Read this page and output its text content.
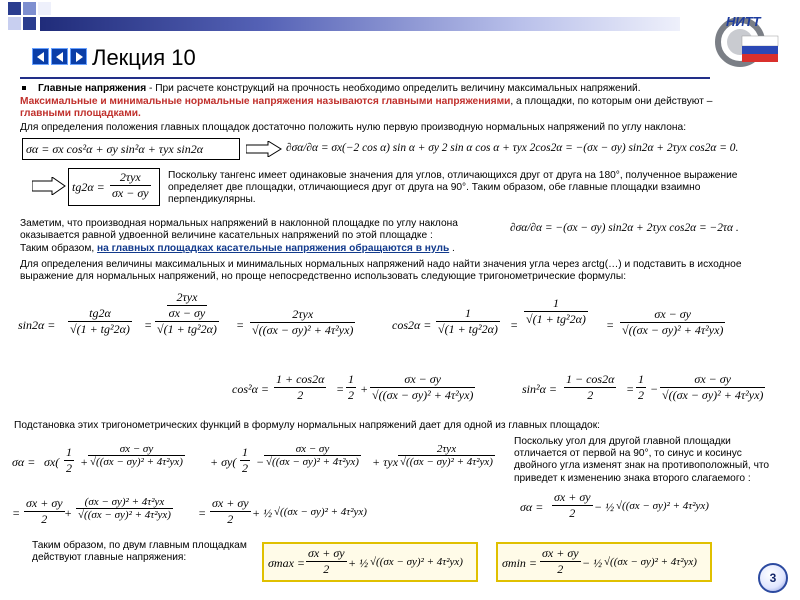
НИТТ
Лекция 10
Главные напряжения - При расчете конструкций на прочность необходимо определить величину максимальных напряжений.
Максимальные и минимальные нормальные напряжения называются главными напряжениями, а площадки, по которым они действуют –
главными площадками.
Для определения положения главных площадок достаточно положить нулю первую производную нормальных напряжений по углу наклона:
σα = σx cos²α + σy sin²α + τyx sin2α	∂σα/∂α = σx(−2 cos α) sin α + σy 2 sin α cos α + τyx 2cos2α = −(σx − σy) sin2α + 2τyx cos2α = 0.
$tg2\alpha = \frac{\text{2τyx}}{\sigma x - \sigma y}$ Поскольку тангенс имеет одинаковые значения для углов, отличающихся друг от друга на 180°, полученное выражение определяет две площадки, отличающиеся друг от друга на 90°. Таким образом, обе главные площадки взаимно перпендикулярны.
Заметим, что производная нормальных напряжений в наклонной площадке по углу наклона оказывается равной удвоенной величине касательных напряжений по этой площадке :
∂σα/∂α = −(σx − σy) sin2α + 2τyx cos2α = −2τα .
Таким образом, на главных площадках касательные напряжения обращаются в нуль .
Для определения величины максимальных и минимальных нормальных напряжений надо найти значения угла через arctg(…) и подставить в исходное выражение для нормальных напряжений, но проще непосредственно использовать следующие тригонометрические формулы:
$\sin 2\alpha = \frac{tg2\alpha}{\text{√(1 + tg²2α)}} = \frac{\frac{\text{2τyx}}{\sigma x - \sigma y}}{\text{√(1 + tg²2α)}} = \frac{\text{2τyx}}{\text{√((σx − σy)² + 4τ²yx)}}$	$\cos 2\alpha = \frac{1}{\text{√(1 + tg²2α)}} = \frac{1}{\text{√(1 + tg²2α)}} = \frac{\sigma x - \sigma y}{\text{√((σx − σy)² + 4τ²yx)}}$
$\cos^2\alpha = \frac{1 + \cos 2\alpha}{2} = \frac{1}{2} + \frac{\sigma x - \sigma y}{\text{√((σx − σy)² + 4τ²yx)}}$	$\sin^2\alpha = \frac{1 - \cos 2\alpha}{2} = \frac{1}{2} - \frac{\sigma x - \sigma y}{\text{√((σx − σy)² + 4τ²yx)}}$
Подстановка этих тригонометрических функций в формулу нормальных напряжений дает для одной из главных площадок:
$\sigma\alpha = \sigma x( \frac{1}{2} + \frac{\sigma x - \sigma y}{\text{√((σx − σy)² + 4τ²yx)}} + \sigma y( \frac{1}{2} - \frac{\sigma x - \sigma y}{\text{√((σx − σy)² + 4τ²yx)}} + \tau yx \frac{\text{2τyx}}{\text{√((σx − σy)² + 4τ²yx)}}$
Поскольку угол для другой главной площадки отличается от первой на 90°, то синус и косинус двойного угла изменят знак на противоположный, что приведет к изменению знака второго слагаемого :
= $\frac{\sigma x + \sigma y}{2} + \frac{\text{(σx − σy)² + 4τ²yx}}{\text{√((σx − σy)² + 4τ²yx)}} = \frac{\sigma x + \sigma y}{2}$ + ½ √((σx − σy)² + 4τ²yx)	$\sigma\alpha = \frac{\sigma x + \sigma y}{2}$ − ½ √((σx − σy)² + 4τ²yx)
Таким образом, по двум главным площадкам действуют главные напряжения:	$\sigma\max = \frac{\sigma x + \sigma y}{2}$ + ½ √((σx − σy)² + 4τ²yx)	$\sigma\min = \frac{\sigma x + \sigma y}{2}$ − ½ √((σx − σy)² + 4τ²yx)
3
